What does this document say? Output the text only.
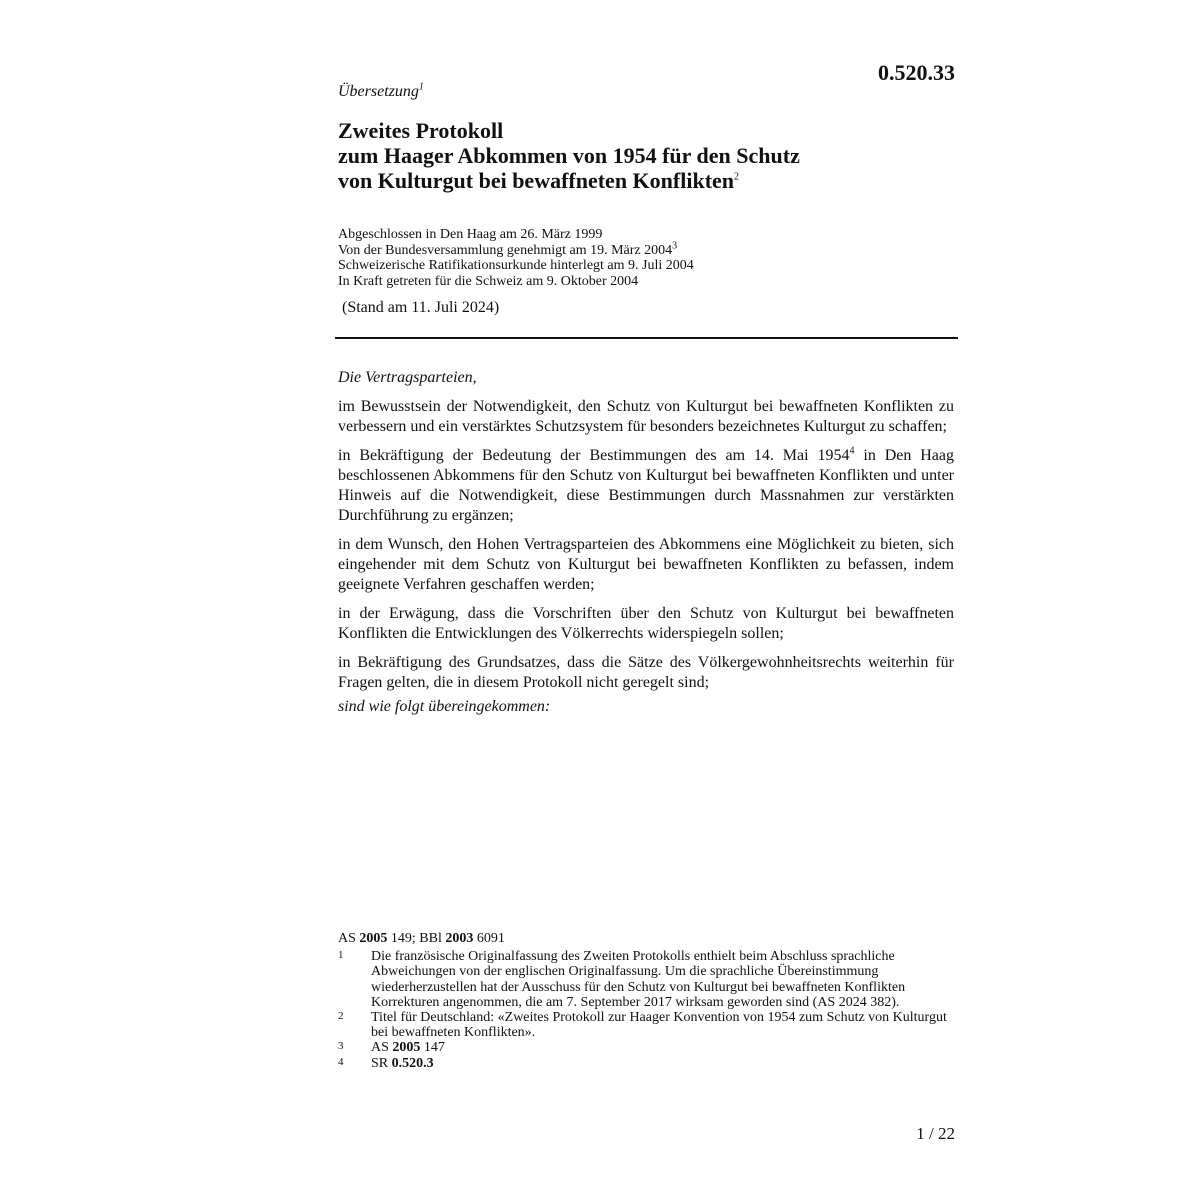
0.520.33
Übersetzung$^1$
Zweites Protokoll
zum Haager Abkommen von 1954 für den Schutz
von Kulturgut bei bewaffneten Konflikten$^2$
Abgeschlossen in Den Haag am 26. März 1999
Von der Bundesversammlung genehmigt am 19. März 2004$^3$
Schweizerische Ratifikationsurkunde hinterlegt am 9. Juli 2004
In Kraft getreten für die Schweiz am 9. Oktober 2004
(Stand am 11. Juli 2024)

Die Vertragsparteien,

im Bewusstsein der Notwendigkeit, den Schutz von Kulturgut bei bewaffneten Konflikten zu verbessern und ein verstärktes Schutzsystem für besonders bezeichnetes Kulturgut zu schaffen;

in Bekräftigung der Bedeutung der Bestimmungen des am 14. Mai 1954$^4$ in Den Haag beschlossenen Abkommens für den Schutz von Kulturgut bei bewaffneten Konflikten und unter Hinweis auf die Notwendigkeit, diese Bestimmungen durch Massnahmen zur verstärkten Durchführung zu ergänzen;

in dem Wunsch, den Hohen Vertragsparteien des Abkommens eine Möglichkeit zu bieten, sich eingehender mit dem Schutz von Kulturgut bei bewaffneten Konflikten zu befassen, indem geeignete Verfahren geschaffen werden;

in der Erwägung, dass die Vorschriften über den Schutz von Kulturgut bei bewaffneten Konflikten die Entwicklungen des Völkerrechts widerspiegeln sollen;

in Bekräftigung des Grundsatzes, dass die Sätze des Völkergewohnheitsrechts weiterhin für Fragen gelten, die in diesem Protokoll nicht geregelt sind;

sind wie folgt übereingekommen:

AS 2005 149; BBl 2003 6091
1	Die französische Originalfassung des Zweiten Protokolls enthielt beim Abschluss sprachliche Abweichungen von der englischen Originalfassung. Um die sprachliche Übereinstimmung wiederherzustellen hat der Ausschuss für den Schutz von Kulturgut bei bewaffneten Konflikten Korrekturen angenommen, die am 7. September 2017 wirksam geworden sind (AS 2024 382).
2	Titel für Deutschland: «Zweites Protokoll zur Haager Konvention von 1954 zum Schutz von Kulturgut bei bewaffneten Konflikten».
3	AS 2005 147
4	SR 0.520.3
1 / 22
